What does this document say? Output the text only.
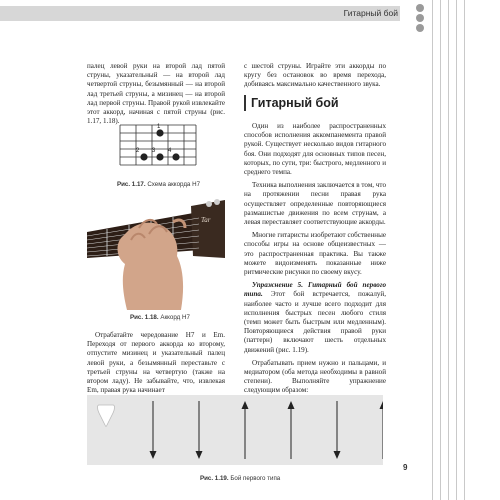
Гитарный бой

палец левой руки на второй лад пятой струны, указательный — на второй лад четвертой струны, безымянный — на второй лад третьей струны, а мизинец — на второй лад первой струны. Правой рукой извлекайте этот аккорд, начиная с пятой струны (рис. 1.17, 1.18).

1
2 3 4
Рис. 1.17. Схема аккорда H7
Tar
Рис. 1.18. Аккорд H7

Отрабатайте чередование H7 и Em. Переходя от первого аккорда ко второму, отпустите мизинец и указательный палец левой руки, а безымянный переставьте с третьей струны на четвертую (также на втором ладу). Не забывайте, что, извлекая Em, правая рука начинает

с шестой струны. Играйте эти аккорды по кругу без остановок во время перехода, добиваясь максимально качественного звука.

Гитарный бой

Один из наиболее распространенных способов исполнения аккомпанемента правой рукой. Существует несколько видов гитарного боя. Они подходят для основных типов песен, которых, по сути, три: быстрого, медленного и среднего темпа.

Техника выполнения заключается в том, что на протяжении песни правая рука осуществляет определенные повторяющиеся размашистые движения по всем струнам, а левая переставляет соответствующие аккорды.

Многие гитаристы изобретают собственные способы игры на основе общеизвестных — это распространенная практика. Вы также можете видоизменять показанные ниже ритмические рисунки по своему вкусу.

Упражнение 5. Гитарный бой первого типа. Этот бой встречается, пожалуй, наиболее часто и лучше всего подходит для исполнения быстрых песен любого стиля (темп может быть быстрым или медленным). Повторяющиеся действия правой руки (паттерн) включают шесть отдельных движений (рис. 1.19).

Отрабатывать прием нужно и пальцами, и медиатором (оба метода необходимы в равной степени). Выполняйте упражнение следующим образом:

Рис. 1.19. Бой первого типа
9
